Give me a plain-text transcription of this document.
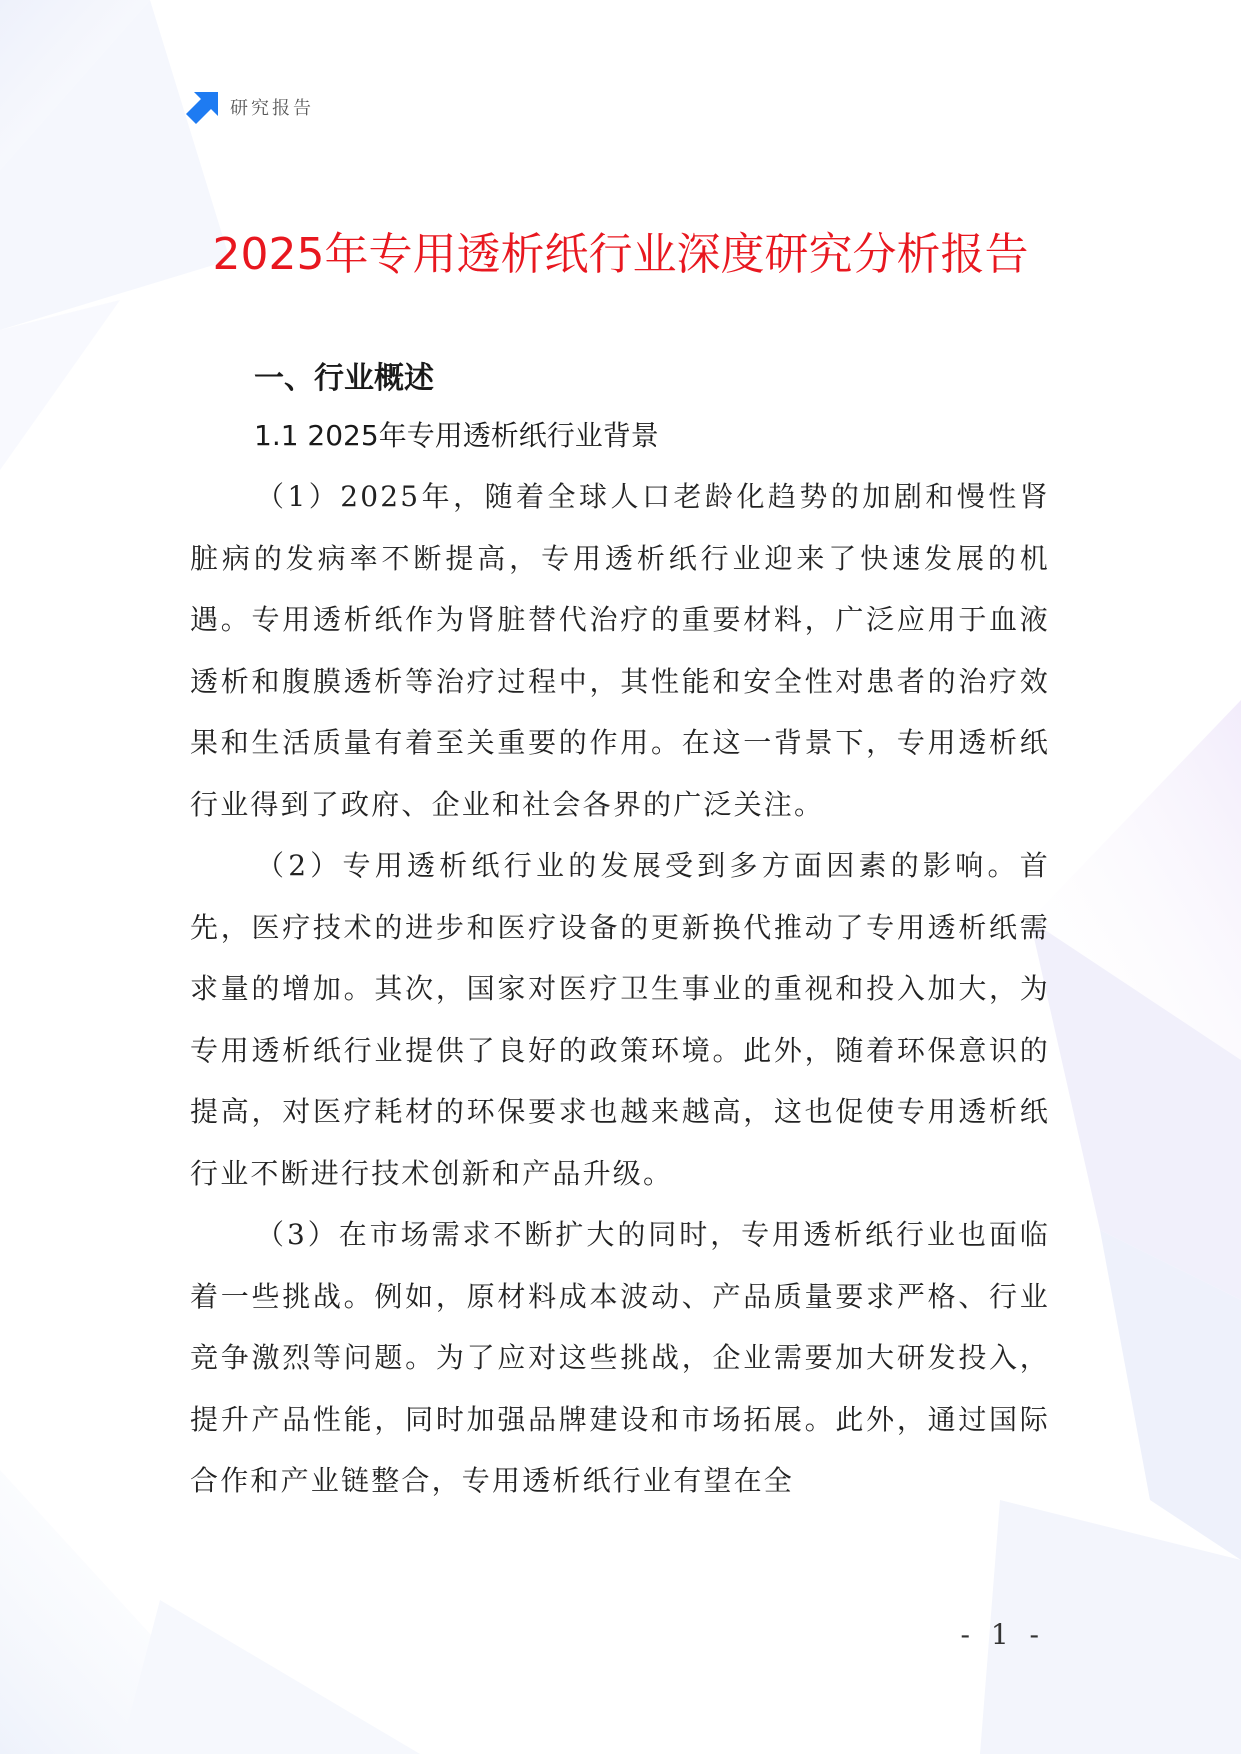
研究报告
2025年专用透析纸行业深度研究分析报告

一、行业概述

1.1 2025年专用透析纸行业背景

（1）2025年，随着全球人口老龄化趋势的加剧和慢性肾脏病的发病率不断提高，专用透析纸行业迎来了快速发展的机遇。专用透析纸作为肾脏替代治疗的重要材料，广泛应用于血液透析和腹膜透析等治疗过程中，其性能和安全性对患者的治疗效果和生活质量有着至关重要的作用。在这一背景下，专用透析纸行业得到了政府、企业和社会各界的广泛关注。

（2）专用透析纸行业的发展受到多方面因素的影响。首先，医疗技术的进步和医疗设备的更新换代推动了专用透析纸需求量的增加。其次，国家对医疗卫生事业的重视和投入加大，为专用透析纸行业提供了良好的政策环境。此外，随着环保意识的提高，对医疗耗材的环保要求也越来越高，这也促使专用透析纸行业不断进行技术创新和产品升级。

（3）在市场需求不断扩大的同时，专用透析纸行业也面临着一些挑战。例如，原材料成本波动、产品质量要求严格、行业竞争激烈等问题。为了应对这些挑战，企业需要加大研发投入，提升产品性能，同时加强品牌建设和市场拓展。此外，通过国际合作和产业链整合，专用透析纸行业有望在全

- 1 -
